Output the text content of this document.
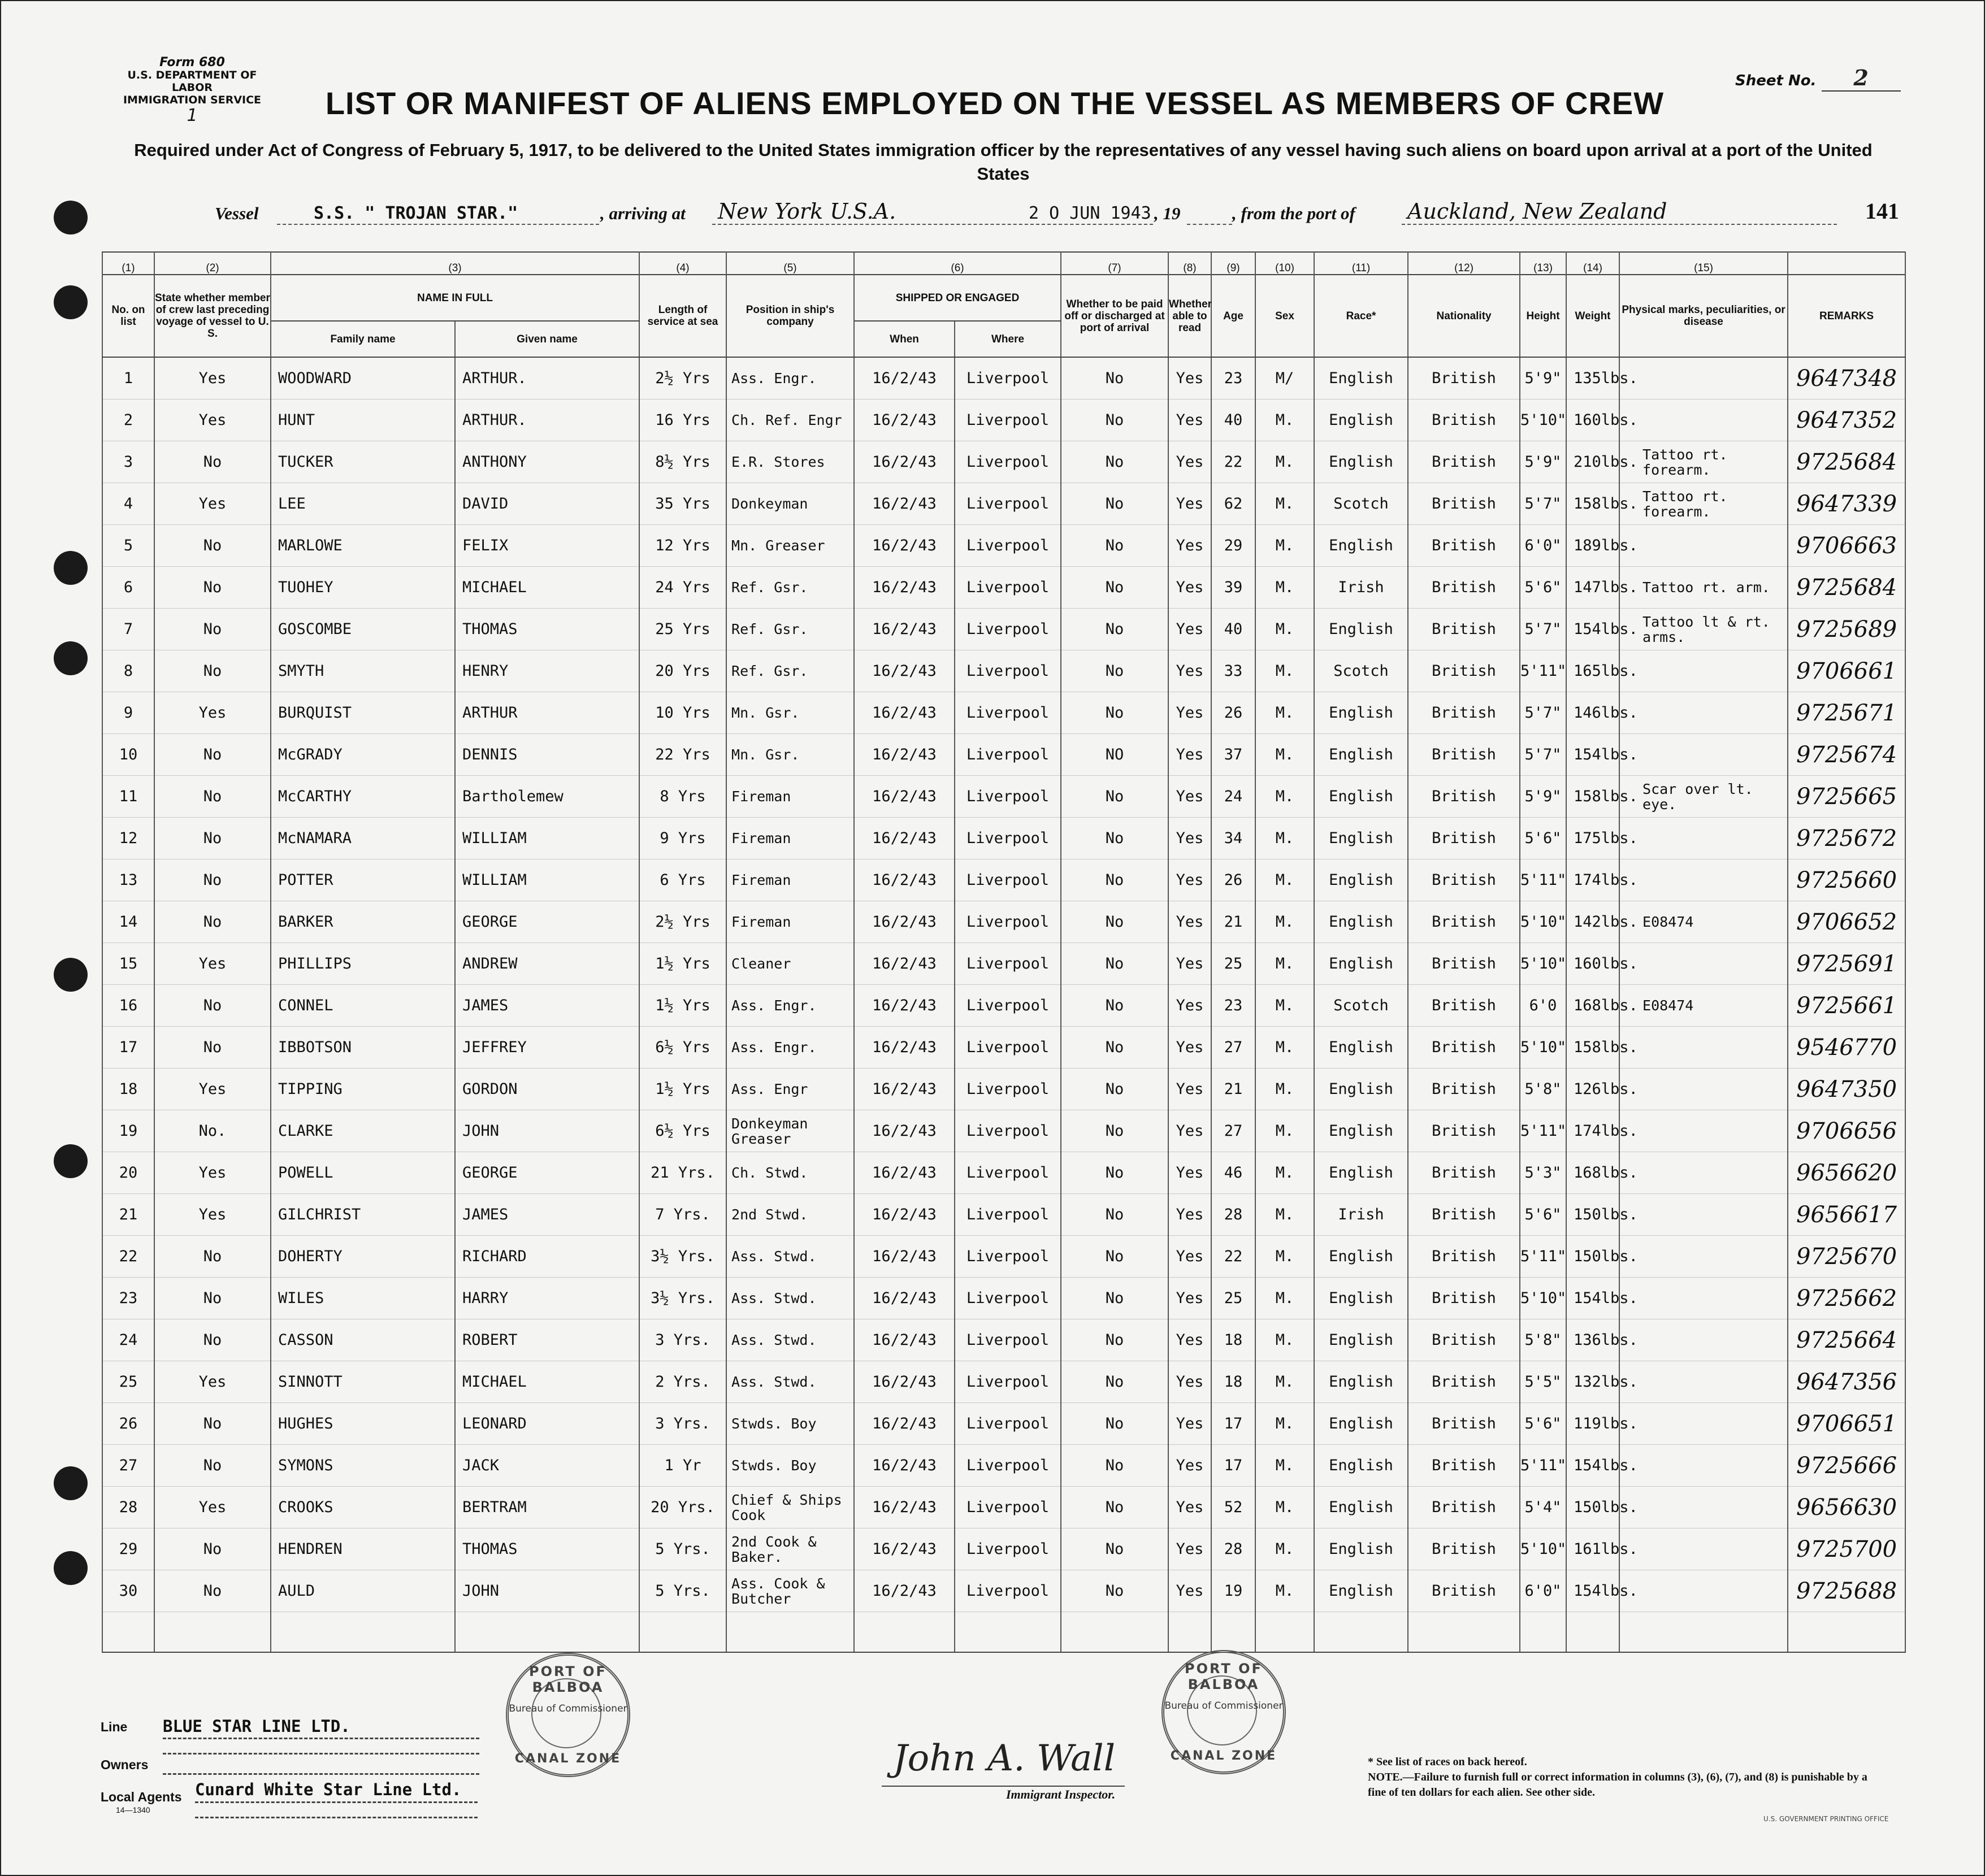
Form 680
U.S. DEPARTMENT OF LABOR
IMMIGRATION SERVICE
1
Sheet No. 2
LIST OR MANIFEST OF ALIENS EMPLOYED ON THE VESSEL AS MEMBERS OF CREW
Required under Act of Congress of February 5, 1917, to be delivered to the United States immigration officer by the representatives of any vessel having such aliens on board upon arrival at a port of the United States
Vessel	S.S. " TROJAN STAR."	, arriving at New York U.S.A.	2 O JUN 1943 , 19	, from the port of Auckland, New Zealand	141
(1)	(2)	(3)		(4)	(5)	(6)		(7)	(8)	(9)	(10)	(11)	(12)	(13)	(14)	(15)	
No. on list	State whether member of crew last preceding voyage of vessel to U. S.	NAME IN FULL		Length of service at sea	Position in ship's company	SHIPPED OR ENGAGED		Whether to be paid off or discharged at port of arrival	Whether able to read	Age	Sex	Race*	Nationality	Height	Weight	Physical marks, peculiarities, or disease	REMARKS
		Family name	Given name			When	Where										
1	Yes	WOODWARD	ARTHUR.	2½ Yrs	Ass. Engr.	16/2/43	Liverpool	No	Yes	23	M/	English	British	5'9"	135lbs.		9647348
2	Yes	HUNT	ARTHUR.	16 Yrs	Ch. Ref. Engr	16/2/43	Liverpool	No	Yes	40	M.	English	British	5'10"	160lbs.		9647352
3	No	TUCKER	ANTHONY	8½ Yrs	E.R. Stores	16/2/43	Liverpool	No	Yes	22	M.	English	British	5'9"	210lbs.	Tattoo rt. forearm.	9725684
4	Yes	LEE	DAVID	35 Yrs	Donkeyman	16/2/43	Liverpool	No	Yes	62	M.	Scotch	British	5'7"	158lbs.	Tattoo rt. forearm.	9647339
5	No	MARLOWE	FELIX	12 Yrs	Mn. Greaser	16/2/43	Liverpool	No	Yes	29	M.	English	British	6'0"	189lbs.		9706663
6	No	TUOHEY	MICHAEL	24 Yrs	Ref. Gsr.	16/2/43	Liverpool	No	Yes	39	M.	Irish	British	5'6"	147lbs.	Tattoo rt. arm.	9725684
7	No	GOSCOMBE	THOMAS	25 Yrs	Ref. Gsr.	16/2/43	Liverpool	No	Yes	40	M.	English	British	5'7"	154lbs.	Tattoo lt & rt. arms.	9725689
8	No	SMYTH	HENRY	20 Yrs	Ref. Gsr.	16/2/43	Liverpool	No	Yes	33	M.	Scotch	British	5'11"	165lbs.		9706661
9	Yes	BURQUIST	ARTHUR	10 Yrs	Mn. Gsr.	16/2/43	Liverpool	No	Yes	26	M.	English	British	5'7"	146lbs.		9725671
10	No	McGRADY	DENNIS	22 Yrs	Mn. Gsr.	16/2/43	Liverpool	NO	Yes	37	M.	English	British	5'7"	154lbs.		9725674
11	No	McCARTHY	Bartholemew	8 Yrs	Fireman	16/2/43	Liverpool	No	Yes	24	M.	English	British	5'9"	158lbs.	Scar over lt. eye.	9725665
12	No	McNAMARA	WILLIAM	9 Yrs	Fireman	16/2/43	Liverpool	No	Yes	34	M.	English	British	5'6"	175lbs.		9725672
13	No	POTTER	WILLIAM	6 Yrs	Fireman	16/2/43	Liverpool	No	Yes	26	M.	English	British	5'11"	174lbs.		9725660
14	No	BARKER	GEORGE	2½ Yrs	Fireman	16/2/43	Liverpool	No	Yes	21	M.	English	British	5'10"	142lbs.	E08474	9706652
15	Yes	PHILLIPS	ANDREW	1½ Yrs	Cleaner	16/2/43	Liverpool	No	Yes	25	M.	English	British	5'10"	160lbs.		9725691
16	No	CONNEL	JAMES	1½ Yrs	Ass. Engr.	16/2/43	Liverpool	No	Yes	23	M.	Scotch	British	6'0	168lbs.	E08474	9725661
17	No	IBBOTSON	JEFFREY	6½ Yrs	Ass. Engr.	16/2/43	Liverpool	No	Yes	27	M.	English	British	5'10"	158lbs.		9546770
18	Yes	TIPPING	GORDON	1½ Yrs	Ass. Engr	16/2/43	Liverpool	No	Yes	21	M.	English	British	5'8"	126lbs.		9647350
19	No.	CLARKE	JOHN	6½ Yrs	Donkeyman Greaser	16/2/43	Liverpool	No	Yes	27	M.	English	British	5'11"	174lbs.		9706656
20	Yes	POWELL	GEORGE	21 Yrs.	Ch. Stwd.	16/2/43	Liverpool	No	Yes	46	M.	English	British	5'3"	168lbs.		9656620
21	Yes	GILCHRIST	JAMES	7 Yrs.	2nd Stwd.	16/2/43	Liverpool	No	Yes	28	M.	Irish	British	5'6"	150lbs.		9656617
22	No	DOHERTY	RICHARD	3½ Yrs.	Ass. Stwd.	16/2/43	Liverpool	No	Yes	22	M.	English	British	5'11"	150lbs.		9725670
23	No	WILES	HARRY	3½ Yrs.	Ass. Stwd.	16/2/43	Liverpool	No	Yes	25	M.	English	British	5'10"	154lbs.		9725662
24	No	CASSON	ROBERT	3 Yrs.	Ass. Stwd.	16/2/43	Liverpool	No	Yes	18	M.	English	British	5'8"	136lbs.		9725664
25	Yes	SINNOTT	MICHAEL	2 Yrs.	Ass. Stwd.	16/2/43	Liverpool	No	Yes	18	M.	English	British	5'5"	132lbs.		9647356
26	No	HUGHES	LEONARD	3 Yrs.	Stwds. Boy	16/2/43	Liverpool	No	Yes	17	M.	English	British	5'6"	119lbs.		9706651
27	No	SYMONS	JACK	1 Yr	Stwds. Boy	16/2/43	Liverpool	No	Yes	17	M.	English	British	5'11"	154lbs.		9725666
28	Yes	CROOKS	BERTRAM	20 Yrs.	Chief & Ships Cook	16/2/43	Liverpool	No	Yes	52	M.	English	British	5'4"	150lbs.		9656630
29	No	HENDREN	THOMAS	5 Yrs.	2nd Cook & Baker.	16/2/43	Liverpool	No	Yes	28	M.	English	British	5'10"	161lbs.		9725700
30	No	AULD	JOHN	5 Yrs.	Ass. Cook & Butcher	16/2/43	Liverpool	No	Yes	19	M.	English	British	6'0"	154lbs.		9725688

Line BLUE STAR LINE LTD.
Owners
Local Agents Cunard White Star Line Ltd.
14—1340
PORT OF BALBOA
Bureau of Commissioner
CANAL ZONE
PORT OF BALBOA
Bureau of Commissioner
CANAL ZONE
John A. Wall
Immigrant Inspector.
* See list of races on back hereof.
NOTE.—Failure to furnish full or correct information in columns (3), (6), (7), and (8) is punishable by a fine of ten dollars for each alien. See other side.
U.S. GOVERNMENT PRINTING OFFICE
